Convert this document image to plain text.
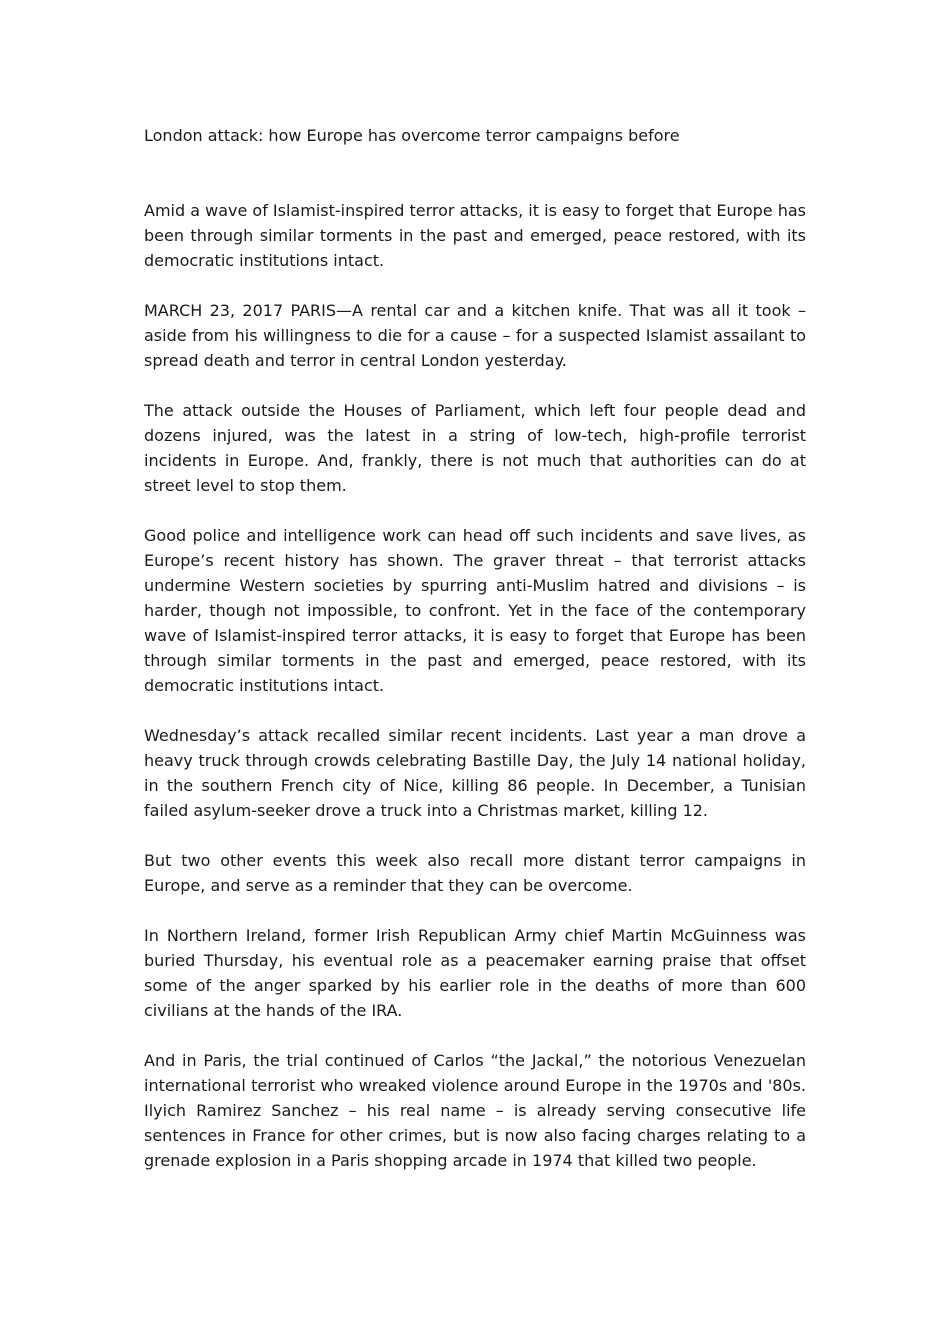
London attack: how Europe has overcome terror campaigns before

Amid a wave of Islamist-inspired terror attacks, it is easy to forget that Europe has been through similar torments in the past and emerged, peace restored, with its democratic institutions intact.

MARCH 23, 2017 PARIS—A rental car and a kitchen knife. That was all it took – aside from his willingness to die for a cause – for a suspected Islamist assailant to spread death and terror in central London yesterday.

The attack outside the Houses of Parliament, which left four people dead and dozens injured, was the latest in a string of low-tech, high-profile terrorist incidents in Europe. And, frankly, there is not much that authorities can do at street level to stop them.

Good police and intelligence work can head off such incidents and save lives, as Europe’s recent history has shown. The graver threat – that terrorist attacks undermine Western societies by spurring anti-Muslim hatred and divisions – is harder, though not impossible, to confront. Yet in the face of the contemporary wave of Islamist-inspired terror attacks, it is easy to forget that Europe has been through similar torments in the past and emerged, peace restored, with its democratic institutions intact.

Wednesday’s attack recalled similar recent incidents. Last year a man drove a heavy truck through crowds celebrating Bastille Day, the July 14 national holiday, in the southern French city of Nice, killing 86 people. In December, a Tunisian failed asylum-seeker drove a truck into a Christmas market, killing 12.

But two other events this week also recall more distant terror campaigns in Europe, and serve as a reminder that they can be overcome.

In Northern Ireland, former Irish Republican Army chief Martin McGuinness was buried Thursday, his eventual role as a peacemaker earning praise that offset some of the anger sparked by his earlier role in the deaths of more than 600 civilians at the hands of the IRA.

And in Paris, the trial continued of Carlos “the Jackal,” the notorious Venezuelan international terrorist who wreaked violence around Europe in the 1970s and '80s. Ilyich Ramirez Sanchez – his real name – is already serving consecutive life sentences in France for other crimes, but is now also facing charges relating to a grenade explosion in a Paris shopping arcade in 1974 that killed two people.
